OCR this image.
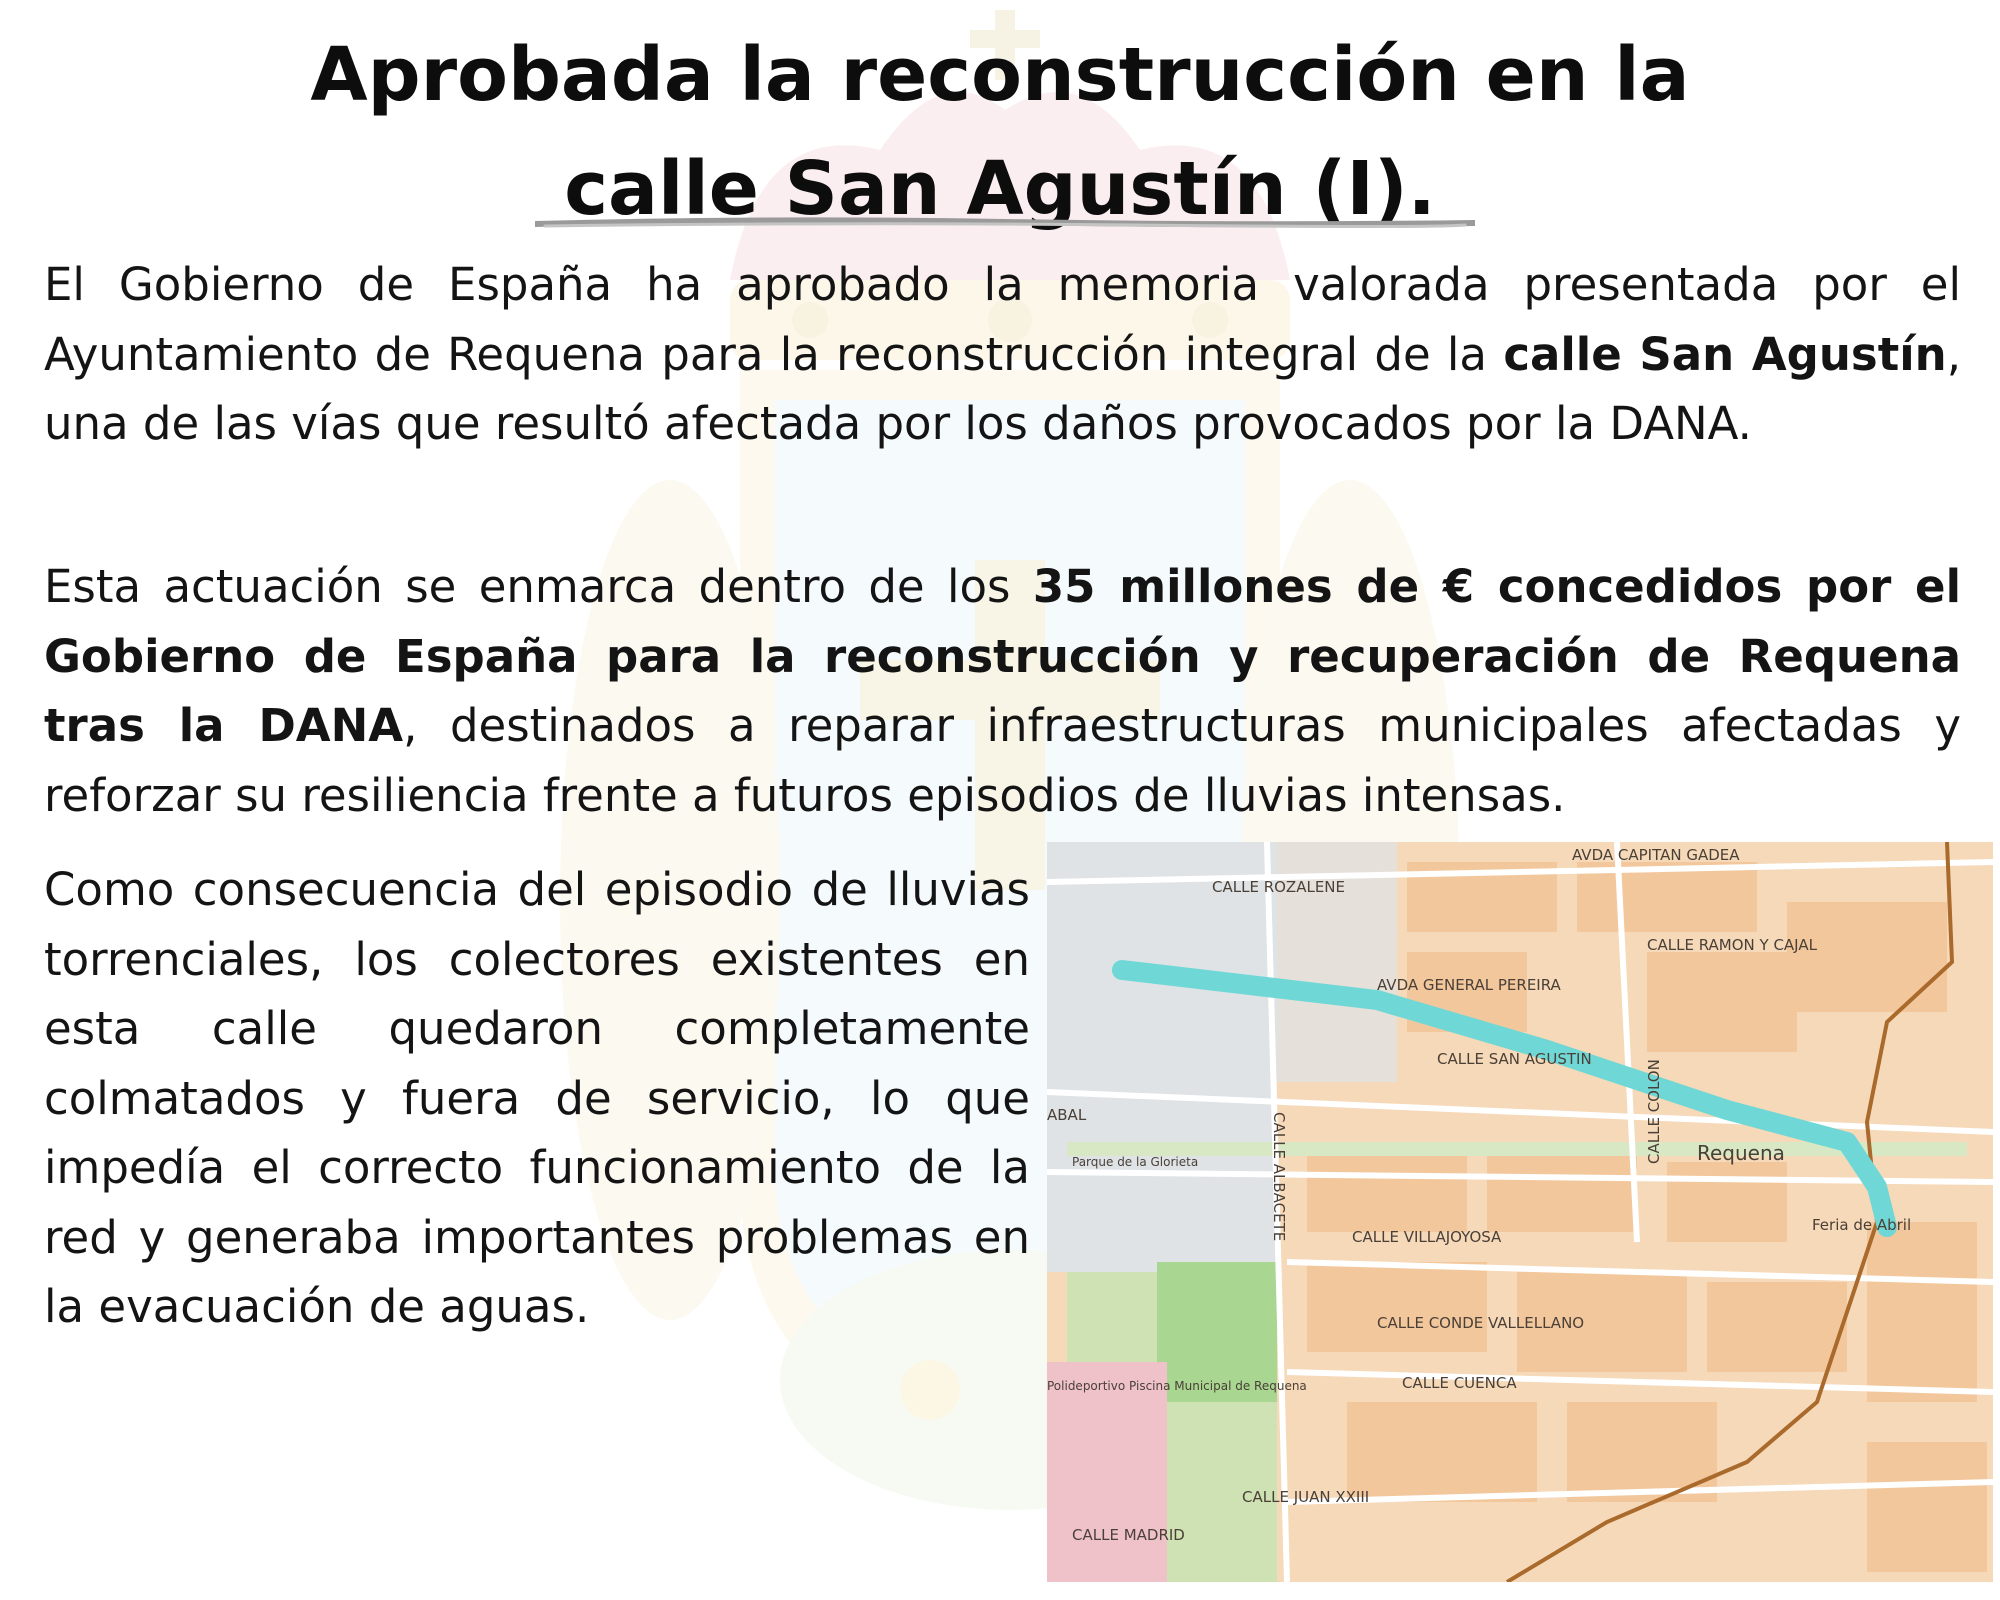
Aprobada la reconstrucción en la
calle San Agustín (I).

El Gobierno de España ha aprobado la memoria valorada presentada por el Ayuntamiento de Requena para la reconstrucción integral de la calle San Agustín, una de las vías que resultó afectada por los daños provocados por la DANA.

Esta actuación se enmarca dentro de los 35 millones de € concedidos por el Gobierno de España para la reconstrucción y recuperación de Requena tras la DANA, destinados a reparar infraestructuras municipales afectadas y reforzar su resiliencia frente a futuros episodios de lluvias intensas.

Como consecuencia del episodio de lluvias torrenciales, los colectores existentes en esta calle quedaron completamente colmatados y fuera de servicio, lo que impedía el correcto funcionamiento de la red y generaba importantes problemas en la evacuación de aguas.

AVDA CAPITAN GADEA
CALLE ROZALENE
CALLE RAMON Y CAJAL
AVDA GENERAL PEREIRA
CALLE SAN AGUSTIN
CALLE COLON Requena
CALLE ALBACETE	CALLE VILLAJOYOSA
CALLE CONDE VALLELLANO
CALLE CUENCA
CALLE JUAN XXIII
CALLE MADRID
Feria de Abril
ABAL
Polideportivo Piscina Municipal de Requena
Parque de la Glorieta
